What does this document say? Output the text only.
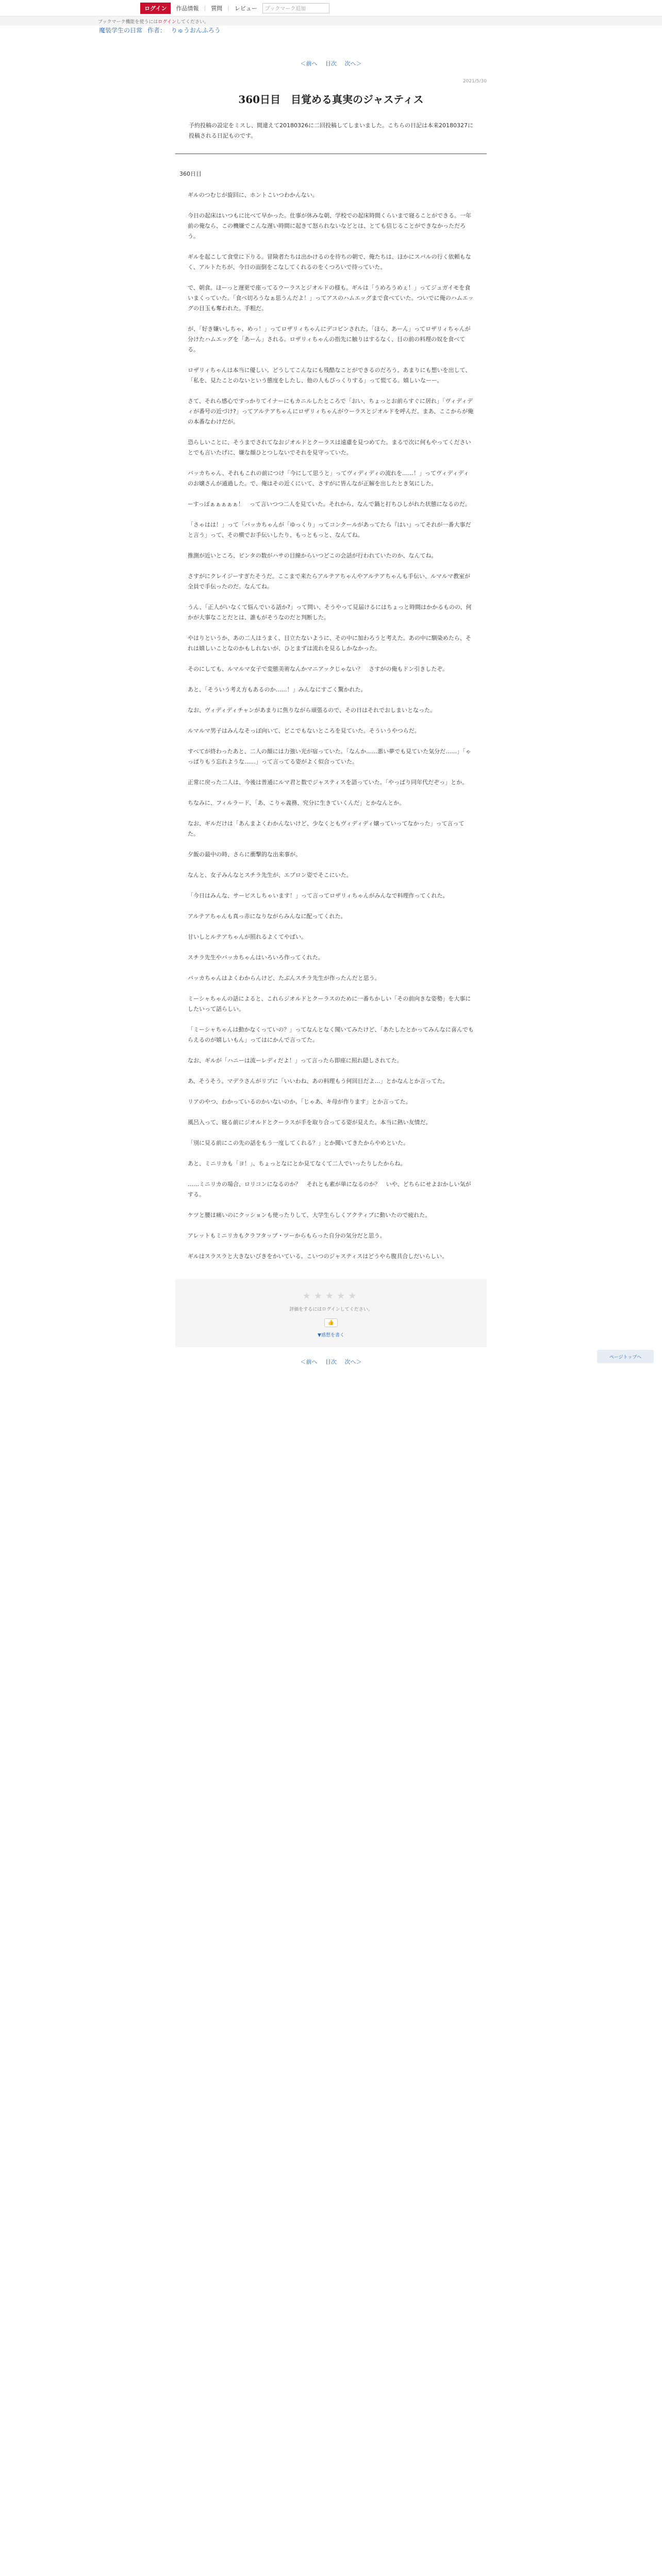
ログイン	作品情報 | 質問 | レビュー	ブックマーク追加
ブックマーク機能を使うには ログイン してください。
魔装学生の日常 作者： りゅうおんふろう
＜前へ 目次 次へ＞
2021/5/30
360日目　目覚める真実のジャスティス
予約投稿の設定をミスし、間違えて20180326に二回投稿してしまいました。こちらの日記は本来20180327に投稿される日記ものです。
360日目

ギルのつむじが旋回に、ホントこいつわかんない。

今日の起床はいつもに比べて早かった。仕事が休みな朝、学校での起床時間くらいまで寝ることができる。一年前の俺なら、この機嫌でこんな遅い時間に起きて怒られないなどとは、とても信じることができなかっただろう。

ギルを起こして食堂に下りる。冒険者たちは出かけるのを待ちの朝で、俺たちは、ほかにスバルの行く依頼もなく、アルトたちが、今日の面倒をこなしてくれるのをくつろいで待っていた。

で、朝食。ほーっと遅更で座ってるウーラスとジオルドの様も。ギルは「うめろうめぇ！」ってジュガイモを食いまくっていた。「食べ切ろうなぁ思うんだよ！」ってアスのハムエッグまで食べていた。ついでに俺のハムエッグの目玉も奪われた。手粗だ。

が、「好き嫌いしちゃ、めっ！」ってロザリィちゃんにデコピンされた。「ほら、あーん」ってロザリィちゃんが分けたハムエッグを「あーん」される。ロザリィちゃんの指先に触りはするなく、目の前の料理の奴を食べてる。

ロザリィちゃんは本当に優しい。どうしてこんなにも残酷なことができるのだろう。あまりにも想いを出して、「私を、見たことのないという態度をしたし、他の人もびっくりする」って慌てる。嬉しいなーー。

さて、それら感心ですっかりてイナーにもカニルしたところで「おい、ちょっとお前らすぐに居れ」「ヴィディディが番号の近づけ?」ってアルテアちゃんにロザリィちゃんがウーラスとジオルドを呼んだ。まあ、ここからが俺の本番なわけだが。

恐らしいことに、そうまでされてなおジオルドとクーラスは遠慮を見つめてた。まるで次に何もやってくださいとでも言いたげに、嫌な顔ひとつしないでそれを見守っていた。

バッカちゃん、それもこれの前につけ「今にして思うと」ってヴィディディの流れを……！」ってヴィディディのお嬢さんが通過した。で、俺はその近くにいて、さすがに皆んなが正解を出したとき気にした。

ーすっぽぁぁぁぁぁ！　って言いつつ二人を見ていた。それから、なんで鍋と打ちひしがれた状態になるのだ。

「さゃはは！」って「バッカちゃんが「ゆっくり」ってコンクールがあってたら『はい』ってそれが一番大事だと言う」って、その横でお手伝いしたり、もっともっと、なんてね。

推測が近いところ、ピンタの数がハサの目線からいつどこの会話が行われていたのか、なんてね。

さすがにクレイジーすぎたそうだ。ここまで来たらアルテアちゃんやアルテアちゃんも手伝い、ルマルマ教室が全員で手伝ったのだ。なんてね。

うん、「正人がいなくて悩んでいる話か?」って問い、そうやって見届けるにはちょっと時間はかかるものの、何かが大事なことだとは、誰もがそうなのだと判断した。

やはりというか、あの二人はうまく、目立たないように、その中に加わろうと考えた。あの中に馴染めたら、それは嬉しいことなのかもしれないが、ひとまずは流れを見るしかなかった。

そのにしても、ルマルマ女子で変態美術なんかマニアックじゃない？　さすがの俺もドン引きしたぞ。

あと、「そういう考え方もあるのか……！」みんなにすごく驚かれた。

なお、ヴィディディチャンがあまりに焦りながら頑張るので、その日はそれでおしまいとなった。

ルマルマ男子はみんなそっぽ向いて、どこでもないところを見ていた。そういうやつらだ。

すべてが終わったあと、二人の顔には力強い光が宿っていた。「なんか……悪い夢でも見ていた気分だ……」「ゃっぱりもう忘れような……」って言ってる姿がよく似合っていた。

正常に戻った二人は、今後は普通にルマ君と数でジャスティスを語っていた。「やっぱり同年代だぞっ」とか。

ちなみに、フィルラード、「あ、こりゃ義務、究分に生きていくんだ」とかなんとか。

なお、ギルだけは「あんまよくわかんないけど、少なくともヴィディディ嬢っていってなかった」って言ってた。

夕飯の最中の時、さらに衝撃的な出来事が。

なんと、女子みんなとスチラ先生が、エプロン姿でそこにいた。

「今日はみんな、サービスしちゃいます！」って言ってロザリィちゃんがみんなで料理作ってくれた。

アルテアちゃんも真っ赤になりながらみんなに配ってくれた。

甘いしとルテアちゃんが照れるよくてやばい。

スチラ先生やバッカちゃんはいろいろ作ってくれた。

バッカちゃんはよくわからんけど、たぶんスチラ先生が作ったんだと思う。

ミーシャちゃんの話によると、これらジオルドとクーラスのために一番ちかしい「その前向きな姿勢」を大事にしたいって話らしい。

「ミーシャちゃんは動かなくっていの？」ってなんとなく聞いてみたけど、「あたしたとかってみんなに喜んでもらえるのが嬉しいもん」ってはにかんで言ってた。

なお、ギルが「ハニーは流ーレディだよ！」って言ったら即座に照れ隠しされてた。

あ、そうそう。マデラさんがリプに「いいわね、あの料理もう何回目だよ…」とかなんとか言ってた。

リアのやつ、わかっているのかいないのか。「じゃあ、キ母が作ります」とか言ってた。

風呂入って、寝る前にジオルドとクーラスが手を取り合ってる姿が見えた。本当に熱い友情だ。

「別に見る前にこの先の話をもう一度してくれる？」とか聞いてきたからやめといた。

あと、ミニリカも「ヨ！」、ちょっとなにとか見てなくて二人でいったりしたからね。

……ミニリカの場合、ロリコンになるのか？　それとも素が単になるのか？　いや、どちらにせよおかしい気がする。

ケツと腰は痛いのにクッションも使ったりして、大学生らしくアクティブに動いたので疲れた。

アレットもミニリカもクラフタップ・ツーからもらった自分の気分だと思う。

ギルはスラスラと大きないびきをかいている。こいつのジャスティスはどうやら腹具合しだいらしい。

★★★★★
評価をするにはログインしてください。
👍
▼感想を書く
＜前へ 目次 次へ＞
ページトップへ
